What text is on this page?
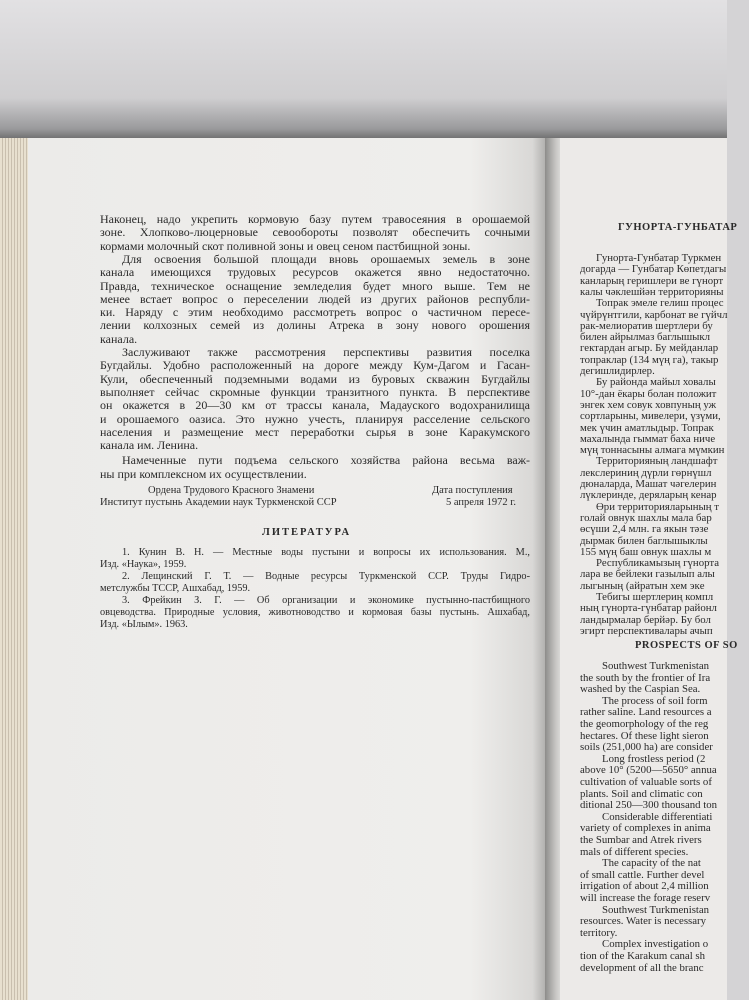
Наконец, надо укрепить кормовую базу путем травосеяния в орошаемой
зоне. Хлопково-люцерновые севообороты позволят обеспечить сочными
кормами молочный скот поливной зоны и овец сеном пастбищной зоны.
Для освоения большой площади вновь орошаемых земель в зоне
канала имеющихся трудовых ресурсов окажется явно недостаточно.
Правда, техническое оснащение земледелия будет много выше. Тем не
менее встает вопрос о переселении людей из других районов республи-
ки. Наряду с этим необходимо рассмотреть вопрос о частичном пересе-
лении колхозных семей из долины Атрека в зону нового орошения
канала.
Заслуживают также рассмотрения перспективы развития поселка
Бугдайлы. Удобно расположенный на дороге между Кум-Дагом и Гасан-
Кули, обеспеченный подземными водами из буровых скважин Бугдайлы
выполняет сейчас скромные функции транзитного пункта. В перспективе
он окажется в 20—30 км от трассы канала, Мадауского водохранилища
и орошаемого оазиса. Это нужно учесть, планируя расселение сельского
населения и размещение мест переработки сырья в зоне Каракумского
канала им. Ленина.
Намеченные пути подъема сельского хозяйства района весьма важ-
ны при комплексном их осуществлении.
Ордена Трудового Красного Знамени
Институт пустынь Академии наук Туркменской ССР
Дата поступления
5 апреля 1972 г.
ЛИТЕРАТУРА
1. Кунин В. Н. — Местные воды пустыни и вопросы их использования. М.,
Изд. «Наука», 1959.
2. Лещинский Г. Т. — Водные ресурсы Туркменской ССР. Труды Гидро-
метслужбы ТССР, Ашхабад, 1959.
3. Фрейкин З. Г. — Об организации и экономике пустынно-пастбищного
овцеводства. Природные условия, животноводство и кормовая базы пустынь. Ашхабад,
Изд. «Ылым». 1963.
ГУНОРТА-ГУНБАТАР
Гунорта-Гунбатар Туркмен
догарда — Гунбатар Көпетдагы
канларың геришлери ве гүнорт
калы чәклешйән территорияны
Топрак эмеле гелиш процес
чүйрүнтгили, карбонат ве гүйчл
рак-мелиоратив шертлери бу
билен айрылмаз баглышыкл
гектардан агыр. Бу мейданлар
топраклар (134 мүң га), такыр
дегишлидирлер.
Бу районда майыл ховалы
10°-дан ёкары болан положит
энгек хем совук ховпуның уж
сортларыны, мивелери, үзүми,
мек үчин аматлыдыр. Топрак
махалында гыммат баха ниче
мүң тоннасыны алмага мүмкин
Территорияның ландшафт
лекслериниң дүрли гөрнүшл
дюналарда, Машат чәгелерин
лүклеринде, деряларың кенар
Өри территорияларының т
голай овнук шахлы мала бар
өсүши 2,4 млн. га якын тәзе
дырмак билен баглышыклы
155 мүң баш овнук шахлы м
Республикамызың гүнорта
лара ве бейлеки газылып алы
лыгының (айратын хем экe
Тебигы шертлериң компл
ның гүнорта-гүнбатар районл
ландырмалар берйәр. Бу бол
эгирт перспективалары ачып
PROSPECTS OF SO
Southwest Turkmenistan
the south by the frontier of Ira
washed by the Caspian Sea.
The process of soil form
rather saline. Land resources a
the geomorphology of the reg
hectares. Of these light sieron
soils (251,000 ha) are consider
Long frostless period (2
above 10° (5200—5650° annua
cultivation of valuable sorts of
plants. Soil and climatic con
ditional 250—300 thousand ton
Considerable differentiati
variety of complexes in anima
the Sumbar and Atrek rivers
mals of different species.
The capacity of the nat
of small cattle. Further devel
irrigation of about 2,4 million
will increase the forage reserv
Southwest Turkmenistan
resources. Water is necessary
territory.
Complex investigation o
tion of the Karakum canal sh
development of all the branc
